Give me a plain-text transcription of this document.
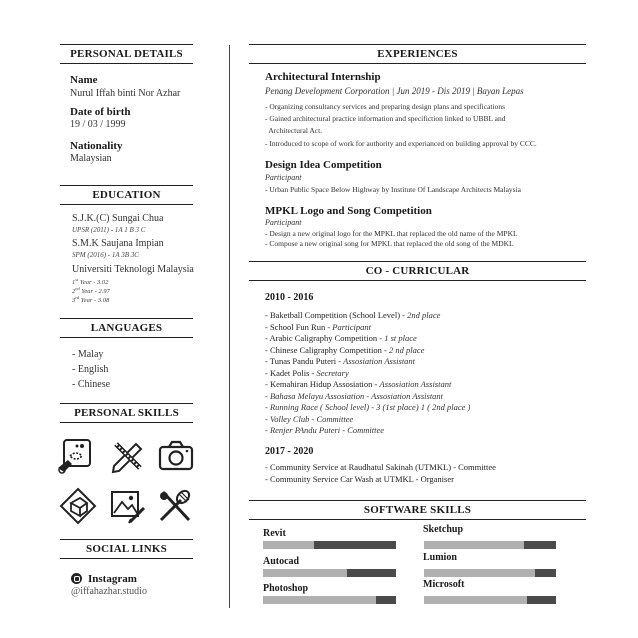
PERSONAL DETAILS
Name
Nurul Iffah binti Nor Azhar
Date of birth
19 / 03 / 1999
Nationality
Malaysian
EDUCATION
S.J.K.(C) Sungai Chua
UPSR (2011) - 1A 1 B 3 C
S.M.K Saujana Impian
SPM (2016) - 1A 3B 3C
Universiti Teknologi Malaysia
1st Year - 3.02
2nd Year - 2.97
3rd Year - 3.08
LANGUAGES
- Malay
- English
- Chinese
PERSONAL SKILLS
SOCIAL LINKS
Instagram
@iffahazhar.studio
EXPERIENCES
Architectural Internship
Penang Development Corporation | Jun 2019 - Dis 2019 | Bayan Lepas
- Organizing consultancy services and preparing design plans and specifications
- Gained architectural practice information and specifiction linked to UBBL and
Architectural Act.
- Introduced to scope of work for authority and experianced on building approval by CCC.
Design Idea Competition
Participant
- Urban Public Space Below Highway by Institute Of Landscape Architects Malaysia
MPKL Logo and Song Competition
Participant
- Design a new original logo for the MPKL that replaced the old name of the MPKL
- Compose a new original song for MPKL that replaced the old song of the MDKL
CO - CURRICULAR
2010 - 2016
- Baketball Competition (School Level) - 2nd place
- School Fun Run - Participant
- Arabic Caligraphy Competition - 1 st place
- Chinese Caligraphy Competition - 2 nd place
- Tunas Pandu Puteri - Assosiation Assistant
- Kadet Polis - Secretary
- Kemahiran Hidup Assosiation - Assosiation Assistant
- Bahasa Melayu Assosiation - Assosiation Assistant
- Running Race ( School level) - 3 (1st place) 1 ( 2nd place )
- Volley Club - Committee
- Renjer PAndu Puteri - Committee
2017 - 2020
- Community Service at Raudhatul Sakinah (UTMKL) - Committee
- Community Service Car Wash at UTMKL - Organiser
SOFTWARE SKILLS
Revit	Sketchup
Autocad	Lumion
Photoshop	Microsoft
